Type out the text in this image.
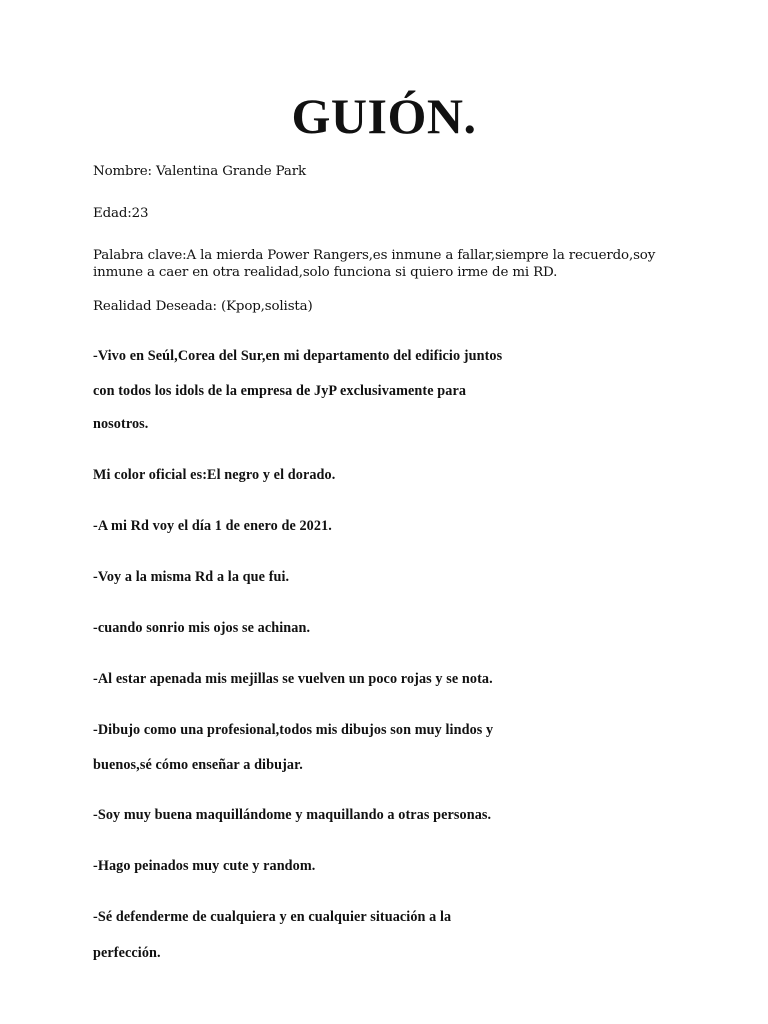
GUIÓN.
Nombre: Valentina Grande Park
Edad:23
Palabra clave:A la mierda Power Rangers,es inmune a fallar,siempre la recuerdo,soy
inmune a caer en otra realidad,solo funciona si quiero irme de mi RD.
Realidad Deseada: (Kpop,solista)
-Vivo en Seúl,Corea del Sur,en mi departamento del edificio juntos
con todos los idols de la empresa de JyP exclusivamente para
nosotros.
Mi color oficial es:El negro y el dorado.
-A mi Rd voy el día 1 de enero de 2021.
-Voy a la misma Rd a la que fui.
-cuando sonrio mis ojos se achinan.
-Al estar apenada mis mejillas se vuelven un poco rojas y se nota.
-Dibujo como una profesional,todos mis dibujos son muy lindos y
buenos,sé cómo enseñar a dibujar.
-Soy muy buena maquillándome y maquillando a otras personas.
-Hago peinados muy cute y random.
-Sé defenderme de cualquiera y en cualquier situación a la
perfección.
